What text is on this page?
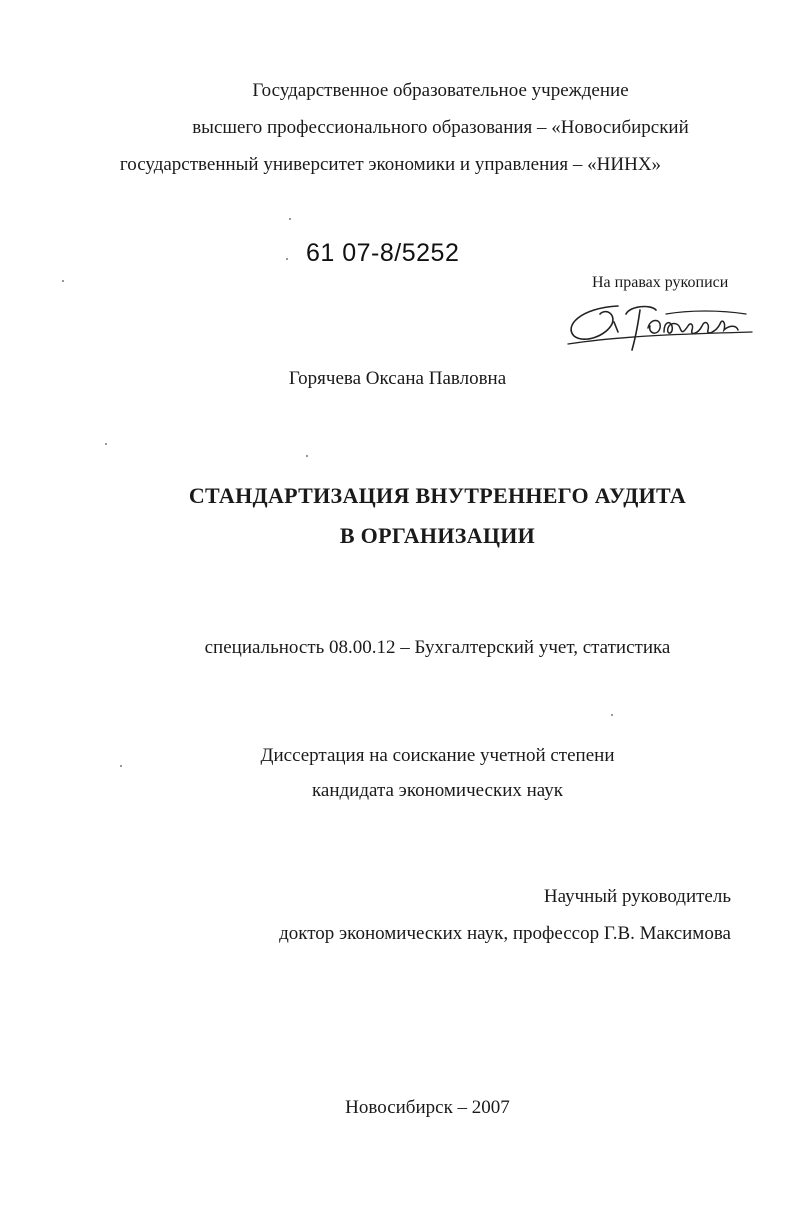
Государственное образовательное учреждение
высшего профессионального образования – «Новосибирский
государственный университет экономики и управления – «НИНХ»
61 07-8/5252
На правах рукописи
Горячева Оксана Павловна
СТАНДАРТИЗАЦИЯ ВНУТРЕННЕГО АУДИТА
В ОРГАНИЗАЦИИ
специальность 08.00.12 – Бухгалтерский учет, статистика
Диссертация на соискание учетной степени
кандидата экономических наук
Научный руководитель
доктор экономических наук, профессор Г.В. Максимова
Новосибирск – 2007
